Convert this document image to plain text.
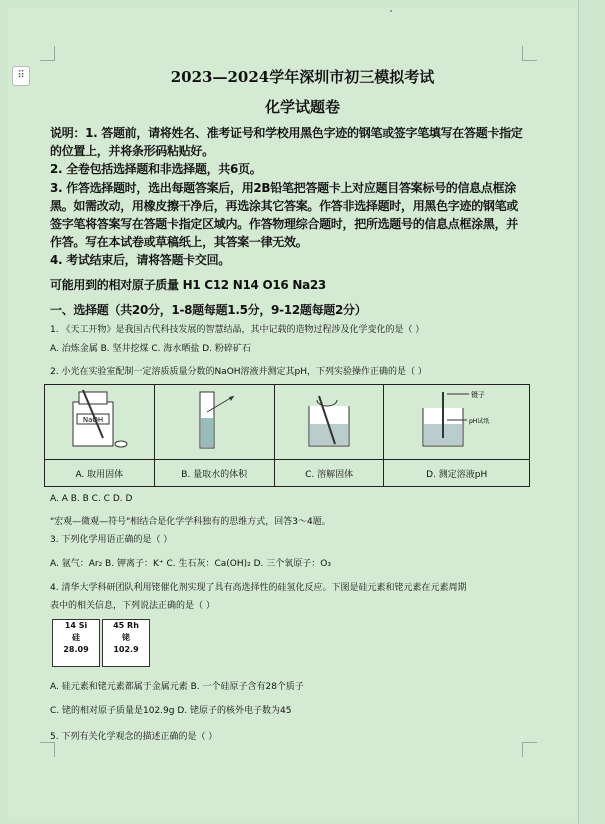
⠿	2023—2024学年深圳市初三模拟考试
化学试题卷
说明：1. 答题前，请将姓名、准考证号和学校用黑色字迹的钢笔或签字笔填写在答题卡指定
的位置上，并将条形码粘贴好。
2. 全卷包括选择题和非选择题，共6页。
3. 作答选择题时，选出每题答案后，用2B铅笔把答题卡上对应题目答案标号的信息点框涂
黑。如需改动，用橡皮擦干净后，再选涂其它答案。作答非选择题时，用黑色字迹的钢笔或
签字笔将答案写在答题卡指定区域内。作答物理综合题时，把所选题号的信息点框涂黑，并
作答。写在本试卷或草稿纸上，其答案一律无效。
4. 考试结束后，请将答题卡交回。
可能用到的相对原子质量 H1 C12 N14 O16 Na23
一、选择题（共20分，1-8题每题1.5分，9-12题每题2分）
1. 《天工开物》是我国古代科技发展的智慧结晶，其中记载的造物过程涉及化学变化的是（ ）
A. 冶炼金属 B. 坚井挖煤 C. 海水晒盐 D. 粉碎矿石
2. 小光在实验室配制一定溶质质量分数的NaOH溶液并测定其pH，下列实验操作正确的是（ ）
NaOH			镊子
pH试纸

A. 取用固体	B. 量取水的体积	C. 溶解固体	D. 测定溶液pH
A. A B. B C. C D. D
"宏观—微观—符号"相结合是化学学科独有的思维方式，回答3～4题。
3. 下列化学用语正确的是（ ）
A. 氩气：Ar₂ B. 钾离子：K⁺ C. 生石灰：Ca(OH)₂ D. 三个氧原子：O₃
4. 清华大学科研团队利用铑催化剂实现了具有高选择性的硅氢化反应。下图是硅元素和铑元素在元素周期
表中的相关信息，下列说法正确的是（ ）
14 Si
硅
28.09
45 Rh
铑
102.9
A. 硅元素和铑元素都属于金属元素 B. 一个硅原子含有28个质子
C. 铑的相对原子质量是102.9g D. 铑原子的核外电子数为45
5. 下列有关化学观念的描述正确的是（ ）
